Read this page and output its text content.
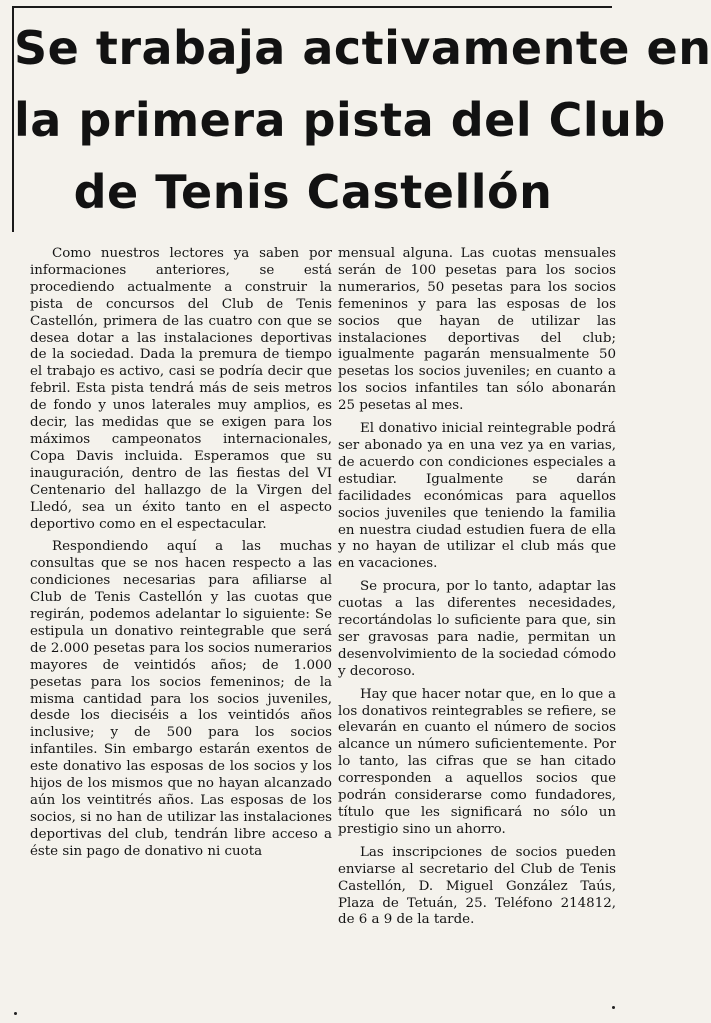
Se trabaja activamente en
la primera pista del Club
de Tenis Castellón

Como nuestros lectores ya saben por informaciones anteriores, se está procediendo actualmente a construir la pista de concursos del Club de Tenis Castellón, primera de las cuatro con que se desea dotar a las instalaciones deportivas de la sociedad. Dada la premura de tiempo el trabajo es activo, casi se podría decir que febril. Esta pista tendrá más de seis metros de fondo y unos laterales muy amplios, es decir, las medidas que se exigen para los máximos campeonatos internacionales, Copa Davis incluida. Esperamos que su inauguración, dentro de las fiestas del VI Centenario del hallazgo de la Virgen del Lledó, sea un éxito tanto en el aspecto deportivo como en el espectacular.

Respondiendo aquí a las muchas consultas que se nos hacen respecto a las condiciones necesarias para afiliarse al Club de Tenis Castellón y las cuotas que regirán, podemos adelantar lo siguiente: Se estipula un donativo reintegrable que será de 2.000 pesetas para los socios numerarios mayores de veintidós años; de 1.000 pesetas para los socios femeninos; de la misma cantidad para los socios juveniles, desde los dieciséis a los veintidós años inclusive; y de 500 para los socios infantiles. Sin embargo estarán exentos de este donativo las esposas de los socios y los hijos de los mismos que no hayan alcanzado aún los veintitrés años. Las esposas de los socios, si no han de utilizar las instalaciones deportivas del club, tendrán libre acceso a éste sin pago de donativo ni cuota

mensual alguna. Las cuotas mensuales serán de 100 pesetas para los socios numerarios, 50 pesetas para los socios femeninos y para las esposas de los socios que hayan de utilizar las instalaciones deportivas del club; igualmente pagarán mensualmente 50 pesetas los socios juveniles; en cuanto a los socios infantiles tan sólo abonarán 25 pesetas al mes.

El donativo inicial reintegrable podrá ser abonado ya en una vez ya en varias, de acuerdo con condiciones especiales a estudiar. Igualmente se darán facilidades económicas para aquellos socios juveniles que teniendo la familia en nuestra ciudad estudien fuera de ella y no hayan de utilizar el club más que en vacaciones.

Se procura, por lo tanto, adaptar las cuotas a las diferentes necesidades, recortándolas lo suficiente para que, sin ser gravosas para nadie, permitan un desenvolvimiento de la sociedad cómodo y decoroso.

Hay que hacer notar que, en lo que a los donativos reintegrables se refiere, se elevarán en cuanto el número de socios alcance un número suficientemente. Por lo tanto, las cifras que se han citado corresponden a aquellos socios que podrán considerarse como fundadores, título que les significará no sólo un prestigio sino un ahorro.

Las inscripciones de socios pueden enviarse al secretario del Club de Tenis Castellón, D. Miguel González Taús, Plaza de Tetuán, 25. Teléfono 214812, de 6 a 9 de la tarde.
